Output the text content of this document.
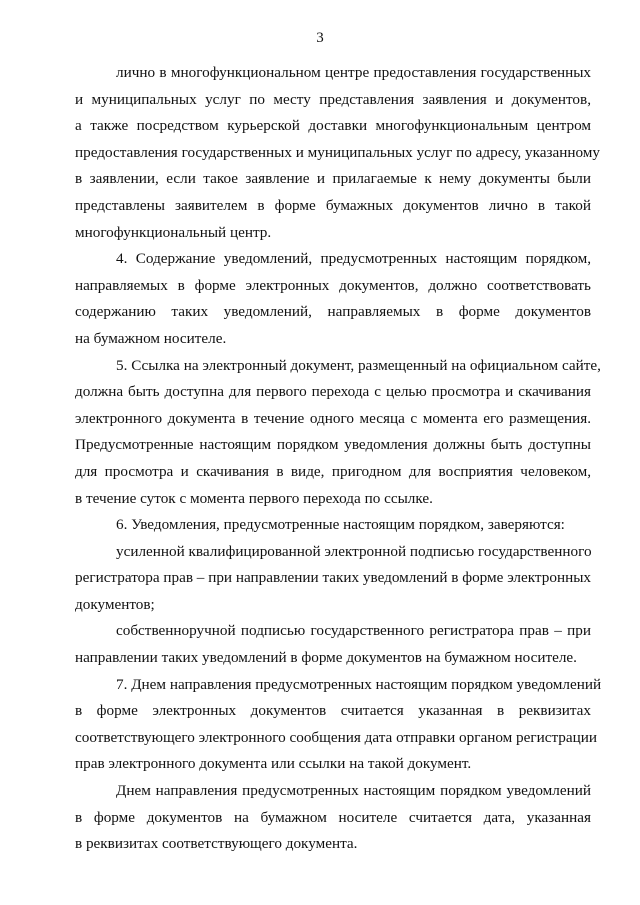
3
лично в многофункциональном центре предоставления государственных
и муниципальных услуг по месту представления заявления и документов,
а также посредством курьерской доставки многофункциональным центром
предоставления государственных и муниципальных услуг по адресу, указанному
в заявлении, если такое заявление и прилагаемые к нему документы были
представлены заявителем в форме бумажных документов лично в такой
многофункциональный центр.
4. Содержание уведомлений, предусмотренных настоящим порядком,
направляемых в форме электронных документов, должно соответствовать
содержанию таких уведомлений, направляемых в форме документов
на бумажном носителе.
5. Ссылка на электронный документ, размещенный на официальном сайте,
должна быть доступна для первого перехода с целью просмотра и скачивания
электронного документа в течение одного месяца с момента его размещения.
Предусмотренные настоящим порядком уведомления должны быть доступны
для просмотра и скачивания в виде, пригодном для восприятия человеком,
в течение суток с момента первого перехода по ссылке.
6. Уведомления, предусмотренные настоящим порядком, заверяются:
усиленной квалифицированной электронной подписью государственного
регистратора прав – при направлении таких уведомлений в форме электронных
документов;
собственноручной подписью государственного регистратора прав – при
направлении таких уведомлений в форме документов на бумажном носителе.
7. Днем направления предусмотренных настоящим порядком уведомлений
в форме электронных документов считается указанная в реквизитах
соответствующего электронного сообщения дата отправки органом регистрации
прав электронного документа или ссылки на такой документ.
Днем направления предусмотренных настоящим порядком уведомлений
в форме документов на бумажном носителе считается дата, указанная
в реквизитах соответствующего документа.
